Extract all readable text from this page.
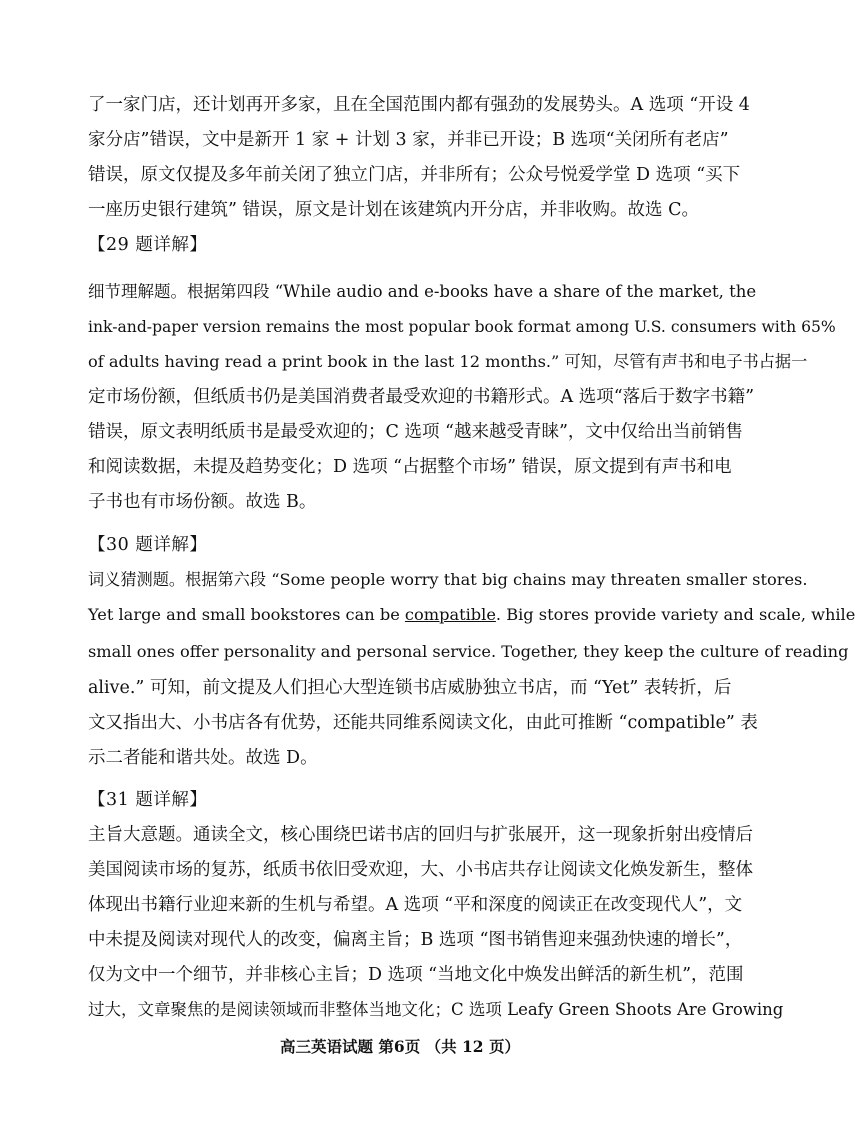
了一家门店，还计划再开多家，且在全国范围内都有强劲的发展势头。A 选项 “开设 4
家分店”错误，文中是新开 1 家 + 计划 3 家，并非已开设；B 选项“关闭所有老店”
错误，原文仅提及多年前关闭了独立门店，并非所有；公众号悦爱学堂 D 选项 “买下
一座历史银行建筑” 错误，原文是计划在该建筑内开分店，并非收购。故选 C。
【29 题详解】
细节理解题。根据第四段 “While audio and e-books have a share of the market, the
ink-and-paper version remains the most popular book format among U.S. consumers with 65%
of adults having read a print book in the last 12 months.” 可知，尽管有声书和电子书占据一
定市场份额，但纸质书仍是美国消费者最受欢迎的书籍形式。A 选项“落后于数字书籍”
错误，原文表明纸质书是最受欢迎的；C 选项 “越来越受青睐”，文中仅给出当前销售
和阅读数据，未提及趋势变化；D 选项 “占据整个市场” 错误，原文提到有声书和电
子书也有市场份额。故选 B。
【30 题详解】
词义猜测题。根据第六段 “Some people worry that big chains may threaten smaller stores.
Yet large and small bookstores can be compatible. Big stores provide variety and scale, while
small ones offer personality and personal service. Together, they keep the culture of reading
alive.” 可知，前文提及人们担心大型连锁书店威胁独立书店，而 “Yet” 表转折，后
文又指出大、小书店各有优势，还能共同维系阅读文化，由此可推断 “compatible” 表
示二者能和谐共处。故选 D。
【31 题详解】
主旨大意题。通读全文，核心围绕巴诺书店的回归与扩张展开，这一现象折射出疫情后
美国阅读市场的复苏，纸质书依旧受欢迎，大、小书店共存让阅读文化焕发新生，整体
体现出书籍行业迎来新的生机与希望。A 选项 “平和深度的阅读正在改变现代人”，文
中未提及阅读对现代人的改变，偏离主旨；B 选项 “图书销售迎来强劲快速的增长”，
仅为文中一个细节，并非核心主旨；D 选项 “当地文化中焕发出鲜活的新生机”，范围
过大，文章聚焦的是阅读领域而非整体当地文化；C 选项 Leafy Green Shoots Are Growing
高三英语试题 第6页 （共 12 页）
